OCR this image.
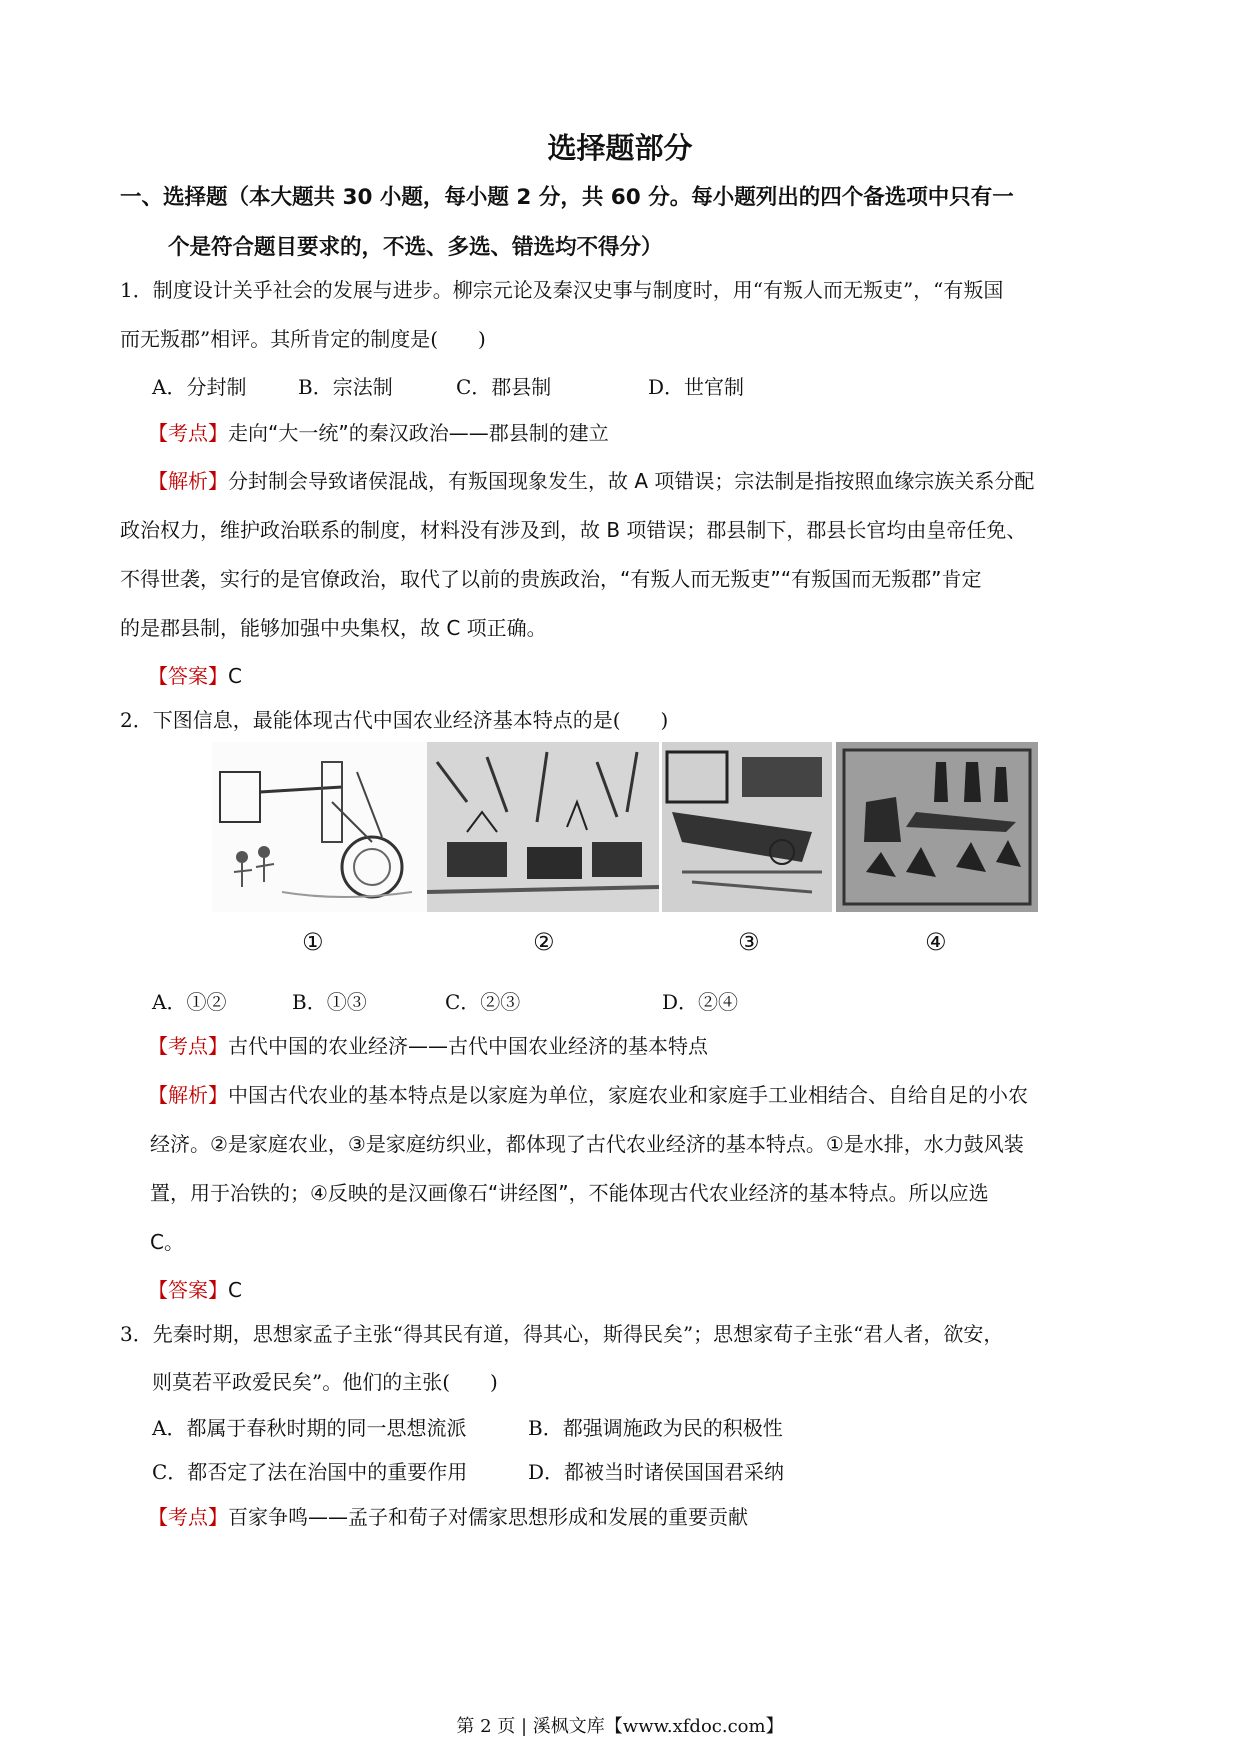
选择题部分
一、选择题（本大题共 30 小题，每小题 2 分，共 60 分。每小题列出的四个备选项中只有一
个是符合题目要求的，不选、多选、错选均不得分）
1．制度设计关乎社会的发展与进步。柳宗元论及秦汉史事与制度时，用“有叛人而无叛吏”，“有叛国
而无叛郡”相评。其所肯定的制度是(　　)
A．分封制	B．宗法制	C．郡县制	D．世官制
【考点】走向“大一统”的秦汉政治——郡县制的建立
【解析】分封制会导致诸侯混战，有叛国现象发生，故 A 项错误；宗法制是指按照血缘宗族关系分配
政治权力，维护政治联系的制度，材料没有涉及到，故 B 项错误；郡县制下，郡县长官均由皇帝任免、
不得世袭，实行的是官僚政治，取代了以前的贵族政治，“有叛人而无叛吏”“有叛国而无叛郡”肯定
的是郡县制，能够加强中央集权，故 C 项正确。
【答案】C
2．下图信息，最能体现古代中国农业经济基本特点的是(　　)
①	②	③	④
A．①②	B．①③	C．②③	D．②④
【考点】古代中国的农业经济——古代中国农业经济的基本特点
【解析】中国古代农业的基本特点是以家庭为单位，家庭农业和家庭手工业相结合、自给自足的小农
经济。②是家庭农业，③是家庭纺织业，都体现了古代农业经济的基本特点。①是水排，水力鼓风装
置，用于冶铁的；④反映的是汉画像石“讲经图”，不能体现古代农业经济的基本特点。所以应选
C。
【答案】C
3．先秦时期，思想家孟子主张“得其民有道，得其心，斯得民矣”；思想家荀子主张“君人者，欲安，
则莫若平政爱民矣”。他们的主张(　　)
A．都属于春秋时期的同一思想流派	B．都强调施政为民的积极性
C．都否定了法在治国中的重要作用	D．都被当时诸侯国国君采纳
【考点】百家争鸣——孟子和荀子对儒家思想形成和发展的重要贡献
第 2 页 | 溪枫文库【www.xfdoc.com】
